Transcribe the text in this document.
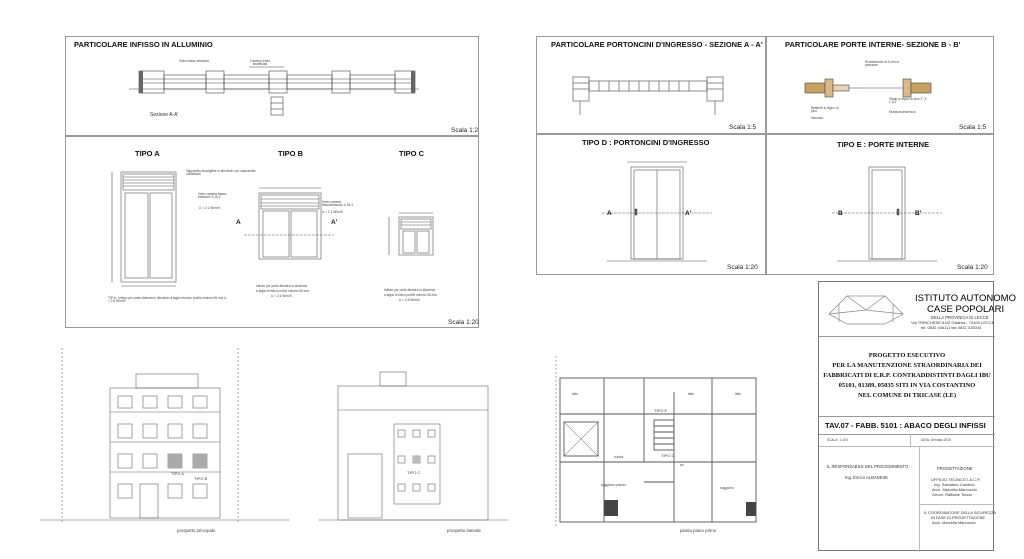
PARTICOLARE INFISSO IN ALLUMINIO
Vetro basso emissivo	Camera d'aria stratificata
Sezione A-A'
Scala 1:2
TIPO A	TIPO B	TIPO C
Tapparella avvolgibile in alluminio con cassonetto coibentato
Vetro camera basso emissivo 4-15-4
U = 2,1 W/m²K
TIP A : Infisso per porte-finestra in alluminio a taglio termico profilo minimo 65 mm U = 2,6 W/m²K
A	A'
Vetro camera bassoemissivo 4-15-4
U = 2,1 W/m²K
Infisso per porte-finestra in alluminio
a taglio termico profilo minimo 65 mm
U = 2,6 W/m²K
Infisso per porte-finestra in alluminio
a taglio termico profilo minimo 65 mm
U = 2,6 W/m²K
Scala 1:20
PARTICOLARE PORTONCINI D'INGRESSO - SEZIONE A - A'
Scala 1:5
PARTICOLARE PORTE INTERNE- SEZIONE B - B'
Rivestimento di 6 mm di spessore
Battente in legno di pino
Intonaco
Telaio in legno di pino 2" X 1 1/2"
Muratura tramezzo
Scala 1:5
TIPO D : PORTONCINI D'INGRESSO
A	A'
Scala 1:20
TIPO E : PORTE INTERNE
B	B'
Scala 1:20
ISTITUTO AUTONOMO
CASE POPOLARI
DELLA PROVINCIA DI LECCE
Via TRINCHESE 61/D Galleria - 73100 LECCE
tel. 0832 446111 fax 0832 315034
PROGETTO ESECUTIVO
PER LA MANUTENZIONE STRAORDINARIA DEI
FABBRICATI DI E.R.P. CONTRADDISTINTI DAGLI IBU
05101, 01389, 05035 SITI IN VIA COSTANTINO
NEL COMUNE DI TRICASE (LE)
TAV.07 - FABB. 5101 : ABACO DEGLI INFISSI
SCALA : 1:100	DATA: Gennaio 2015
IL RESPONSABILE DEL PROCEDIMENTO
Ing. Enrico ALBANESE
PROGETTAZIONE
UFFICIO TECNICO I.A.C.P.
Ing. Salvatore Candido
Arch. Marcella Marcuccio
Geom. Raffaele Tondo
IL COORDINATORE DELLA SICUREZZA
IN FASE DI PROGETTAZIONE
Arch. Marcella Marcuccio
TIPO A
TIPO B
prospetto principale
TIPO C
prospetto laterale
TIPO E
TIPO D
letto	letto	letto
cucina
soggiorno
soggiorno-pranzo
wc
pianta piano primo
